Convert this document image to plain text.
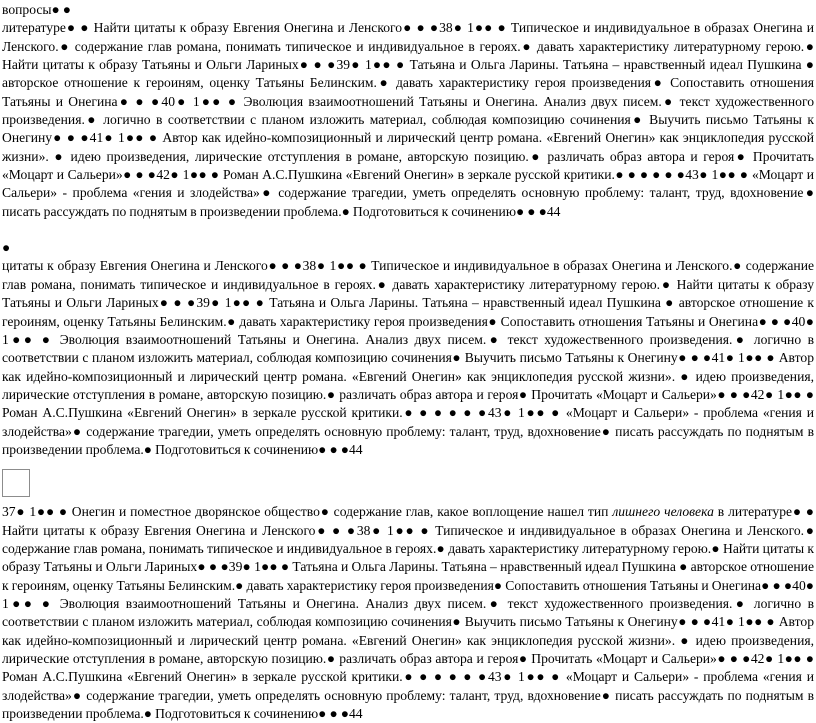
вопросы● ●

литературе● ● Найти цитаты к образу Евгения Онегина и Ленского● ● ●38● 1●● ● Типическое и индивидуальное в образах Онегина и Ленского.● содержание глав романа, понимать типическое и индивидуальное в героях.● давать характеристику литературному герою.● Найти цитаты к образу Татьяны и Ольги Лариных● ● ●39● 1●● ● Татьяна и Ольга Ларины. Татьяна – нравственный идеал Пушкина ● авторское отношение к героиням, оценку Татьяны Белинским.● давать характеристику героя произведения● Сопоставить отношения Татьяны и Онегина● ● ●40● 1●● ● Эволюция взаимоотношений Татьяны и Онегина. Анализ двух писем.● текст художественного произведения.● логично в соответствии с планом изложить материал, соблюдая композицию сочинения● Выучить письмо Татьяны к Онегину● ● ●41● 1●● ● Автор как идейно-композиционный и лирический центр романа. «Евгений Онегин» как энциклопедия русской жизни». ● идею произведения, лирические отступления в романе, авторскую позицию.● различать образ автора и героя● Прочитать «Моцарт и Сальери»● ● ●42● 1●● ● Роман А.С.Пушкина «Евгений Онегин» в зеркале русской критики.● ● ● ● ● ●43● 1●● ● «Моцарт и Сальери» - проблема «гения и злодейства»● содержание трагедии, уметь определять основную проблему: талант, труд, вдохновение● писать рассуждать по поднятым в произведении проблема.● Подготовиться к сочинению● ● ●44

●

цитаты к образу Евгения Онегина и Ленского● ● ●38● 1●● ● Типическое и индивидуальное в образах Онегина и Ленского.● содержание глав романа, понимать типическое и индивидуальное в героях.● давать характеристику литературному герою.● Найти цитаты к образу Татьяны и Ольги Лариных● ● ●39● 1●● ● Татьяна и Ольга Ларины. Татьяна – нравственный идеал Пушкина ● авторское отношение к героиням, оценку Татьяны Белинским.● давать характеристику героя произведения● Сопоставить отношения Татьяны и Онегина● ● ●40● 1●● ● Эволюция взаимоотношений Татьяны и Онегина. Анализ двух писем.● текст художественного произведения.● логично в соответствии с планом изложить материал, соблюдая композицию сочинения● Выучить письмо Татьяны к Онегину● ● ●41● 1●● ● Автор как идейно-композиционный и лирический центр романа. «Евгений Онегин» как энциклопедия русской жизни». ● идею произведения, лирические отступления в романе, авторскую позицию.● различать образ автора и героя● Прочитать «Моцарт и Сальери»● ● ●42● 1●● ● Роман А.С.Пушкина «Евгений Онегин» в зеркале русской критики.● ● ● ● ● ●43● 1●● ● «Моцарт и Сальери» - проблема «гения и злодейства»● содержание трагедии, уметь определять основную проблему: талант, труд, вдохновение● писать рассуждать по поднятым в произведении проблема.● Подготовиться к сочинению● ● ●44

37● 1●● ● Онегин и поместное дворянское общество● содержание глав, какое воплощение нашел тип лишнего человека в литературе● ● Найти цитаты к образу Евгения Онегина и Ленского● ● ●38● 1●● ● Типическое и индивидуальное в образах Онегина и Ленского.● содержание глав романа, понимать типическое и индивидуальное в героях.● давать характеристику литературному герою.● Найти цитаты к образу Татьяны и Ольги Лариных● ● ●39● 1●● ● Татьяна и Ольга Ларины. Татьяна – нравственный идеал Пушкина ● авторское отношение к героиням, оценку Татьяны Белинским.● давать характеристику героя произведения● Сопоставить отношения Татьяны и Онегина● ● ●40● 1●● ● Эволюция взаимоотношений Татьяны и Онегина. Анализ двух писем.● текст художественного произведения.● логично в соответствии с планом изложить материал, соблюдая композицию сочинения● Выучить письмо Татьяны к Онегину● ● ●41● 1●● ● Автор как идейно-композиционный и лирический центр романа. «Евгений Онегин» как энциклопедия русской жизни». ● идею произведения, лирические отступления в романе, авторскую позицию.● различать образ автора и героя● Прочитать «Моцарт и Сальери»● ● ●42● 1●● ● Роман А.С.Пушкина «Евгений Онегин» в зеркале русской критики.● ● ● ● ● ●43● 1●● ● «Моцарт и Сальери» - проблема «гения и злодейства»● содержание трагедии, уметь определять основную проблему: талант, труд, вдохновение● писать рассуждать по поднятым в произведении проблема.● Подготовиться к сочинению● ● ●44
